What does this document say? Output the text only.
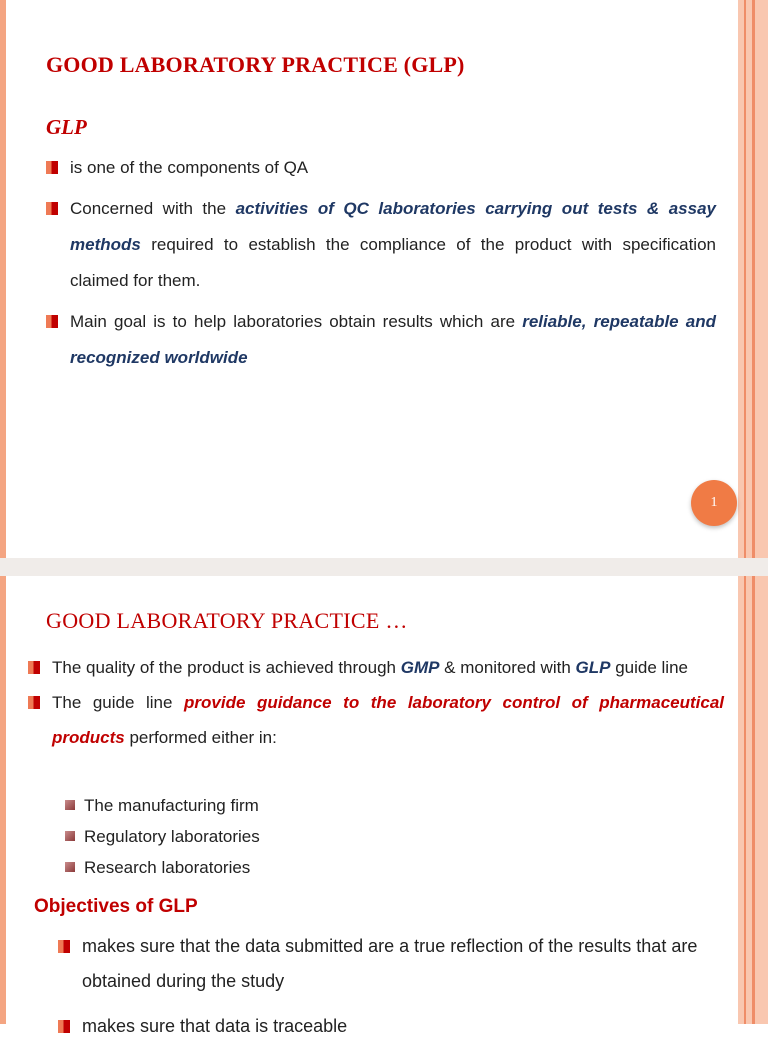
GOOD LABORATORY PRACTICE (GLP)
GLP
is one of the components of QA
Concerned with the activities of QC laboratories carrying out tests & assay methods required to establish the compliance of the product with specification claimed for them.
Main goal is to help laboratories obtain results which are reliable, repeatable and recognized worldwide
1
GOOD LABORATORY PRACTICE …
The quality of the product is achieved through GMP & monitored with GLP guide line
The guide line provide guidance to the laboratory control of pharmaceutical products performed either in:
The manufacturing firm
Regulatory laboratories
Research laboratories
Objectives of GLP
makes sure that the data submitted are a true reflection of the results that are obtained during the study
makes sure that data is traceable
